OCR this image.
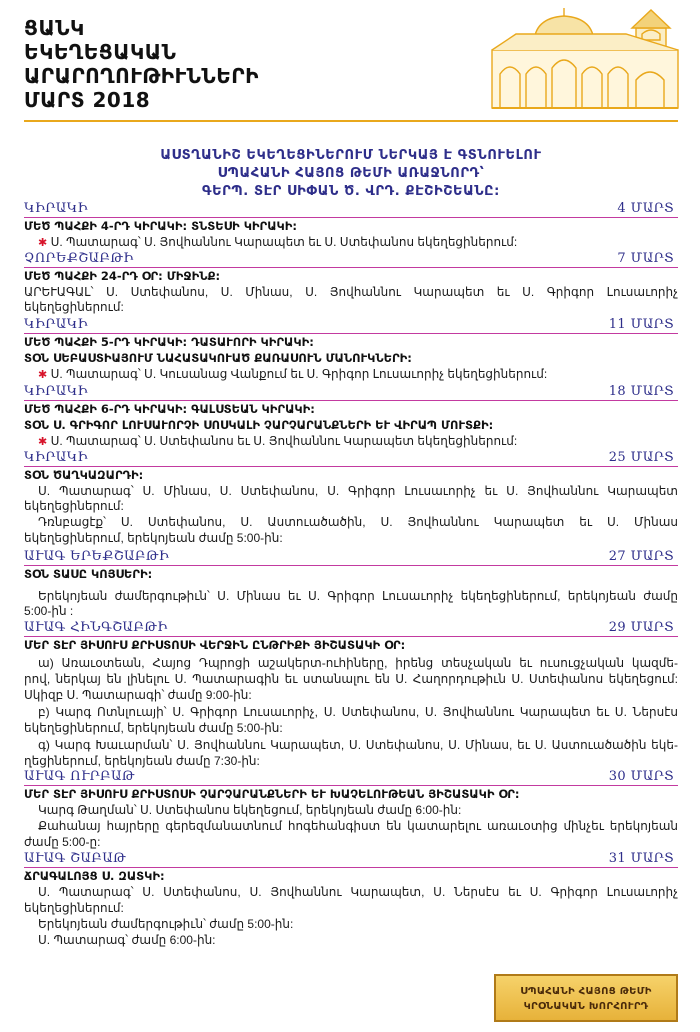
ՑԱՆԿ
ԵԿԵՂԵՑԱԿԱՆ
ԱՐԱՐՈՂՈՒԹԻՒՆՆԵՐԻ
ՄԱՐՏ 2018
ԱՍՏՂԱՆԻՇ ԵԿԵՂԵՑԻՆԵՐՈՒՄ ՆԵՐԿԱՅ Է ԳՏՆՈՒԵԼՈՒ
ՍՊԱՀԱՆԻ ՀԱՅՈՑ ԹԵՄԻ ԱՌԱՋՆՈՐԴ՝
ԳԵՐՊ. ՏԷՐ ՍԻՓԱՆ Ծ. ՎՐԴ. ՔԷՇԻՇԵԱՆԸ:
ԿԻՐԱԿԻ	4 ՄԱՐՏ
ՄԵԾ ՊԱՀՔԻ 4-ՐԴ ԿԻՐԱԿԻ: ՏՆՏԵՍԻ ԿԻՐԱԿԻ:
✱ Ս. Պատարագ՝ Ս. Յովհաննու Կարապետ եւ Ս. Ստեփանոս եկեղեցիներում:
ՉՈՐԵՔՇԱԲԹԻ	7 ՄԱՐՏ
ՄԵԾ ՊԱՀՔԻ 24-ՐԴ ՕՐ: ՄԻՋԻՆՔ:
ԱՐԵՒԱԳԱԼ՝ Ս. Ստեփանոս, Ս. Մինաս, Ս. Յովհաննու Կարապետ եւ Ս. Գրիգոր Լուսաւորիչ
եկեղեցիներում:
ԿԻՐԱԿԻ	11 ՄԱՐՏ
ՄԵԾ ՊԱՀՔԻ 5-ՐԴ ԿԻՐԱԿԻ: ԴԱՏԱՒՈՐԻ ԿԻՐԱԿԻ:
ՏՕՆ ՍԵԲԱՍՏԻԱՅՈՒՄ ՆԱՀԱՏԱԿՈՒԱԾ ՔԱՌԱՍՈՒՆ ՄԱՆՈՒԿՆԵՐԻ:
✱ Ս. Պատարագ՝ Ս. Կուսանաց Վանքում եւ Ս. Գրիգոր Լուսաւորիչ եկեղեցիներում:
ԿԻՐԱԿԻ	18 ՄԱՐՏ
ՄԵԾ ՊԱՀՔԻ 6-ՐԴ ԿԻՐԱԿԻ: ԳԱԼՍՏԵԱՆ ԿԻՐԱԿԻ:
ՏՕՆ Ս. ԳՐԻԳՈՐ ԼՈՒՍԱՒՈՐՉԻ ՍՈՍԿԱԼԻ ՉԱՐՉԱՐԱՆՔՆԵՐԻ ԵՒ ՎԻՐԱՊ ՄՈՒՏՔԻ:
✱ Ս. Պատարագ՝ Ս. Ստեփանոս եւ Ս. Յովհաննու Կարապետ եկեղեցիներում:
ԿԻՐԱԿԻ	25 ՄԱՐՏ
ՏՕՆ ԾԱՂԿԱԶԱՐԴԻ:
Ս. Պատարագ՝ Ս. Մինաս, Ս. Ստեփանոս, Ս. Գրիգոր Լուսաւորիչ եւ Ս. Յովհաննու Կարապետ
եկեղեցիներում:
Դռնբացէք՝ Ս. Ստեփանոս, Ս. Աստուածածին, Ս. Յովհաննու Կարապետ եւ Ս. Մինաս
եկեղեցիներում, երեկոյեան ժամը 5:00-ին:
ԱՒԱԳ ԵՐԵՔՇԱԲԹԻ	27 ՄԱՐՏ
ՏՕՆ ՏԱՍԸ ԿՈՅՍԵՐԻ:
Երեկոյեան ժամերգութիւն՝ Ս. Մինաս եւ Ս. Գրիգոր Լուսաւորիչ եկեղեցիներում, երեկոյեան ժամը
5:00-ին :
ԱՒԱԳ ՀԻՆԳՇԱԲԹԻ	29 ՄԱՐՏ
ՄԵՐ ՏԷՐ ՅԻՍՈՒՍ ՔՐԻՍՏՈՍԻ ՎԵՐՋԻՆ ԸՆԹՐԻՔԻ ՅԻՇԱՏԱԿԻ ՕՐ:
ա) Առաւօտեան, Հայոց Դպրոցի աշակերտ-ուհիները, իրենց տեսչական եւ ուսուցչական կազմե-
րով, ներկայ են լինելու Ս. Պատարագին եւ ստանալու են Ս. Հաղորդութիւն Ս. Ստեփանոս եկեղեցում:
Սկիզբ Ս. Պատարագի՝ ժամը 9:00-ին:
բ) Կարգ Ոտնլուայի՝ Ս. Գրիգոր Լուսաւորիչ, Ս. Ստեփանոս, Ս. Յովհաննու Կարապետ եւ Ս. Ներսէս
եկեղեցիներում, երեկոյեան ժամը 5:00-ին:
գ) Կարգ Խաւարման՝ Ս. Յովհաննու Կարապետ, Ս. Ստեփանոս, Ս. Մինաս, եւ Ս. Աստուածածին եկե-
ղեցիներում, երեկոյեան ժամը 7:30-ին:
ԱՒԱԳ ՈՒՐԲԱԹ	30 ՄԱՐՏ
ՄԵՐ ՏԷՐ ՅԻՍՈՒՍ ՔՐԻՍՏՈՍԻ ՉԱՐՉԱՐԱՆՔՆԵՐԻ ԵՒ ԽԱՉԵԼՈՒԹԵԱՆ ՅԻՇԱՏԱԿԻ ՕՐ:
Կարգ Թաղման՝ Ս. Ստեփանոս եկեղեցում, երեկոյեան ժամը 6:00-ին:
Քահանայ հայրերը գերեզմանատնում հոգեհանգիստ են կատարելու առաւօտից մինչեւ երեկոյեան
ժամը 5:00-ը:
ԱՒԱԳ ՇԱԲԱԹ	31 ՄԱՐՏ
ՃՐԱԳԱԼՈՅՑ Ս. ԶԱՏԿԻ:
Ս. Պատարագ՝ Ս. Ստեփանոս, Ս. Յովհաննու Կարապետ, Ս. Ներսէս եւ Ս. Գրիգոր Լուսաւորիչ
եկեղեցիներում:
Երեկոյեան ժամերգութիւն՝ ժամը 5:00-ին:
Ս. Պատարագ՝ ժամը 6:00-ին:
ՍՊԱՀԱՆԻ ՀԱՅՈՑ ԹԵՄԻ
ԿՐՕՆԱԿԱՆ ԽՈՐՀՈՒՐԴ
